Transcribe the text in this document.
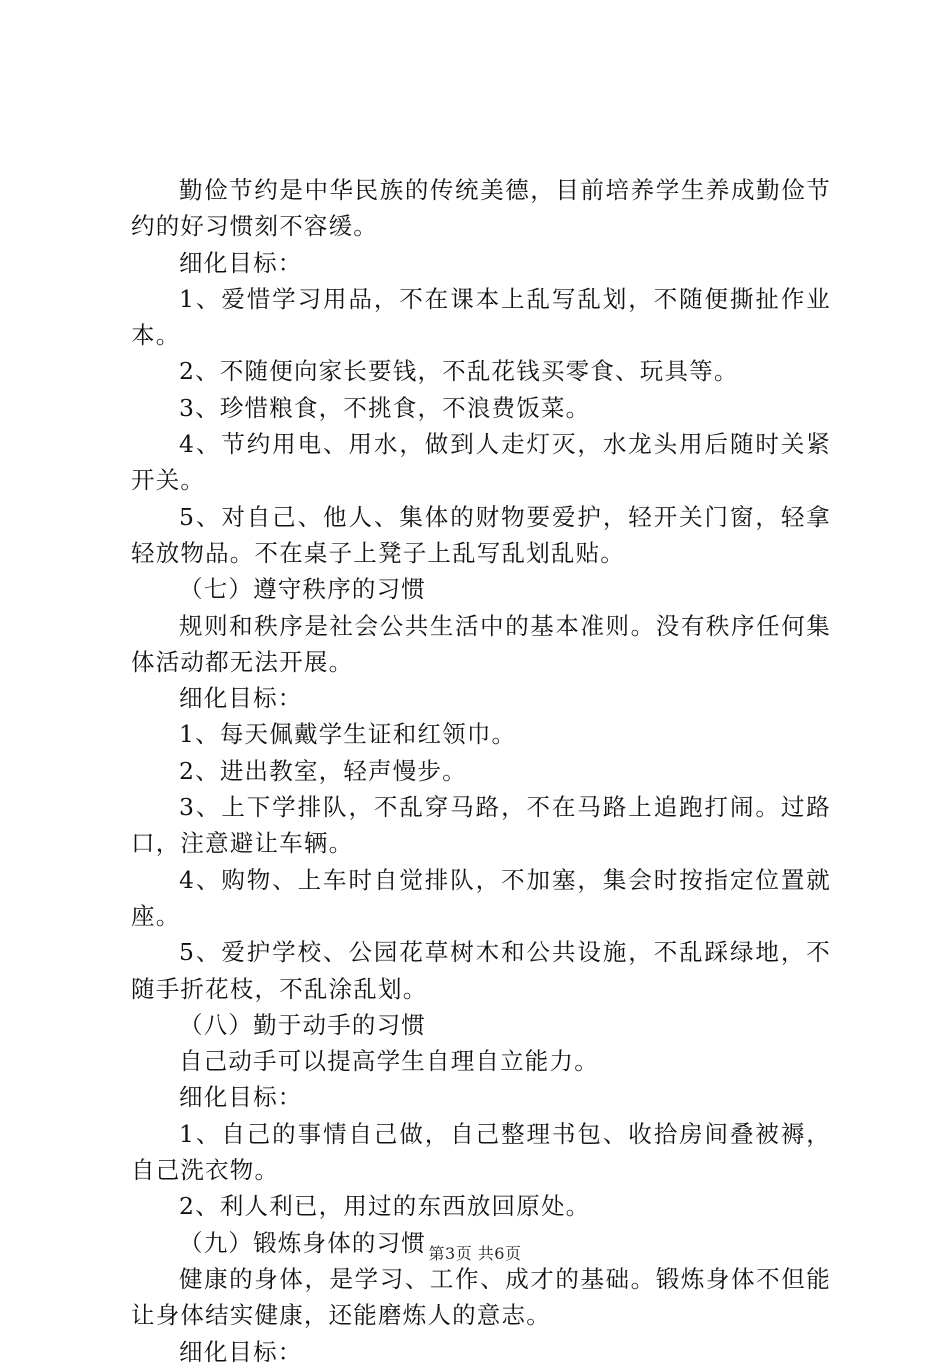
勤俭节约是中华民族的传统美德，目前培养学生养成勤俭节约的好习惯刻不容缓。

细化目标：

1、爱惜学习用品，不在课本上乱写乱划，不随便撕扯作业本。

2、不随便向家长要钱，不乱花钱买零食、玩具等。

3、珍惜粮食，不挑食，不浪费饭菜。

4、节约用电、用水，做到人走灯灭，水龙头用后随时关紧开关。

5、对自己、他人、集体的财物要爱护，轻开关门窗，轻拿轻放物品。不在桌子上凳子上乱写乱划乱贴。

（七）遵守秩序的习惯

规则和秩序是社会公共生活中的基本准则。没有秩序任何集体活动都无法开展。

细化目标：

1、每天佩戴学生证和红领巾。

2、进出教室，轻声慢步。

3、上下学排队，不乱穿马路，不在马路上追跑打闹。过路口，注意避让车辆。

4、购物、上车时自觉排队，不加塞，集会时按指定位置就座。

5、爱护学校、公园花草树木和公共设施，不乱踩绿地，不随手折花枝，不乱涂乱划。

（八）勤于动手的习惯

自己动手可以提高学生自理自立能力。

细化目标：

1、自己的事情自己做，自己整理书包、收拾房间叠被褥，自己洗衣物。

2、利人利已，用过的东西放回原处。

（九）锻炼身体的习惯

健康的身体，是学习、工作、成才的基础。锻炼身体不但能让身体结实健康，还能磨炼人的意志。

细化目标：

第3页 共6页
